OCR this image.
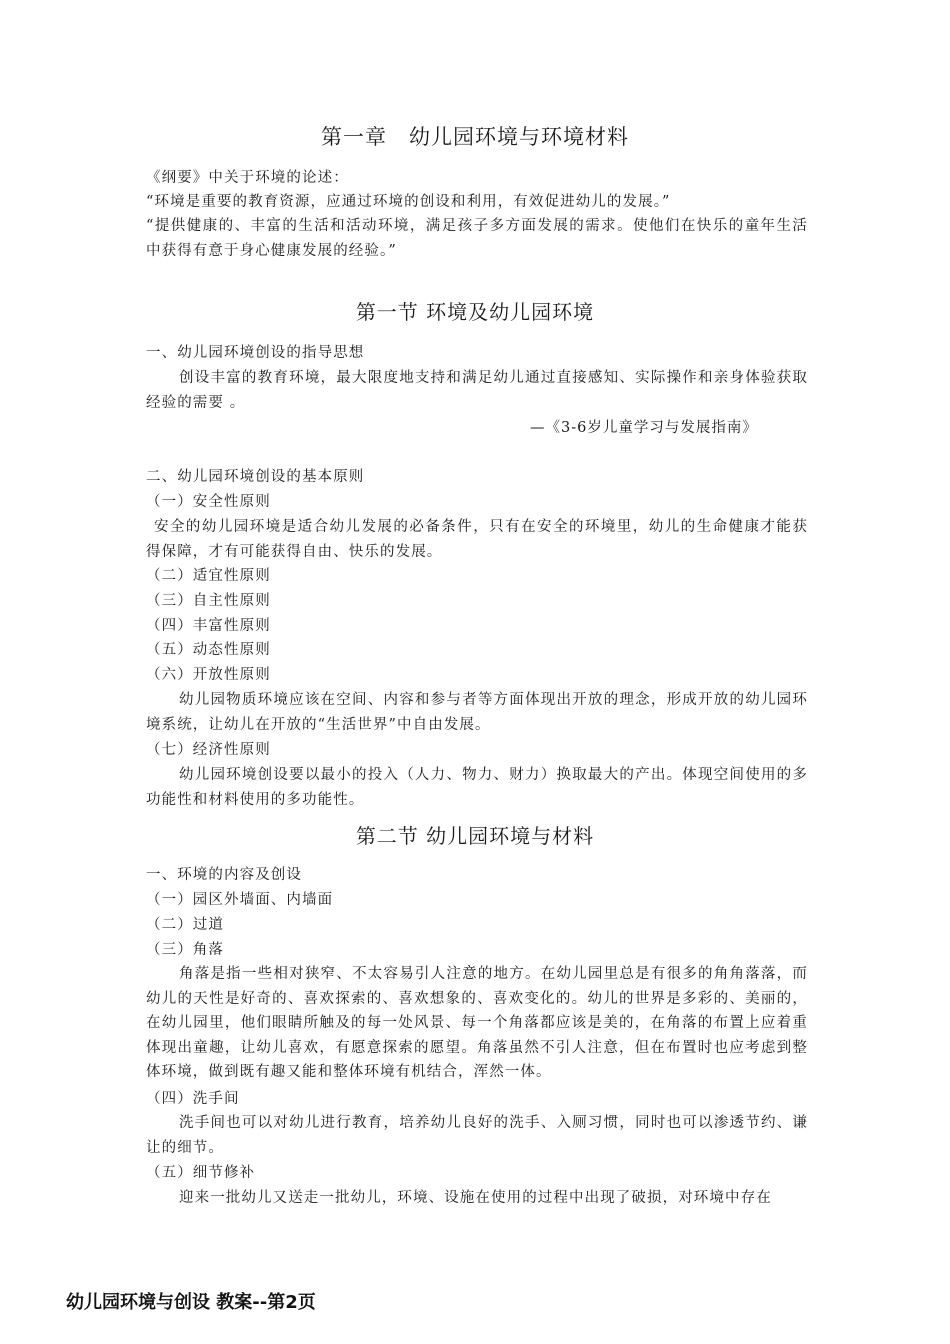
第一章　幼儿园环境与环境材料
《纲要》中关于环境的论述：
“环境是重要的教育资源，应通过环境的创设和利用，有效促进幼儿的发展。”
“提供健康的、丰富的生活和活动环境，满足孩子多方面发展的需求。使他们在快乐的童年生活中获得有意于身心健康发展的经验。”
第一节 环境及幼儿园环境
一、幼儿园环境创设的指导思想
创设丰富的教育环境，最大限度地支持和满足幼儿通过直接感知、实际操作和亲身体验获取经验的需要 。
—《3-6岁儿童学习与发展指南》
二、幼儿园环境创设的基本原则
（一）安全性原则
安全的幼儿园环境是适合幼儿发展的必备条件，只有在安全的环境里，幼儿的生命健康才能获得保障，才有可能获得自由、快乐的发展。
（二）适宜性原则
（三）自主性原则
（四）丰富性原则
（五）动态性原则
（六）开放性原则
幼儿园物质环境应该在空间、内容和参与者等方面体现出开放的理念，形成开放的幼儿园环境系统，让幼儿在开放的“生活世界”中自由发展。
（七）经济性原则
幼儿园环境创设要以最小的投入（人力、物力、财力）换取最大的产出。体现空间使用的多功能性和材料使用的多功能性。
第二节 幼儿园环境与材料
一、环境的内容及创设
（一）园区外墙面、内墙面
（二）过道
（三）角落
角落是指一些相对狭窄、不太容易引人注意的地方。在幼儿园里总是有很多的角角落落，而幼儿的天性是好奇的、喜欢探索的、喜欢想象的、喜欢变化的。幼儿的世界是多彩的、美丽的，在幼儿园里，他们眼睛所触及的每一处风景、每一个角落都应该是美的，在角落的布置上应着重体现出童趣，让幼儿喜欢，有愿意探索的愿望。角落虽然不引人注意，但在布置时也应考虑到整体环境，做到既有趣又能和整体环境有机结合，浑然一体。
（四）洗手间
洗手间也可以对幼儿进行教育，培养幼儿良好的洗手、入厕习惯，同时也可以渗透节约、谦让的细节。
（五）细节修补
迎来一批幼儿又送走一批幼儿，环境、设施在使用的过程中出现了破损，对环境中存在
幼儿园环境与创设 教案--第2页
